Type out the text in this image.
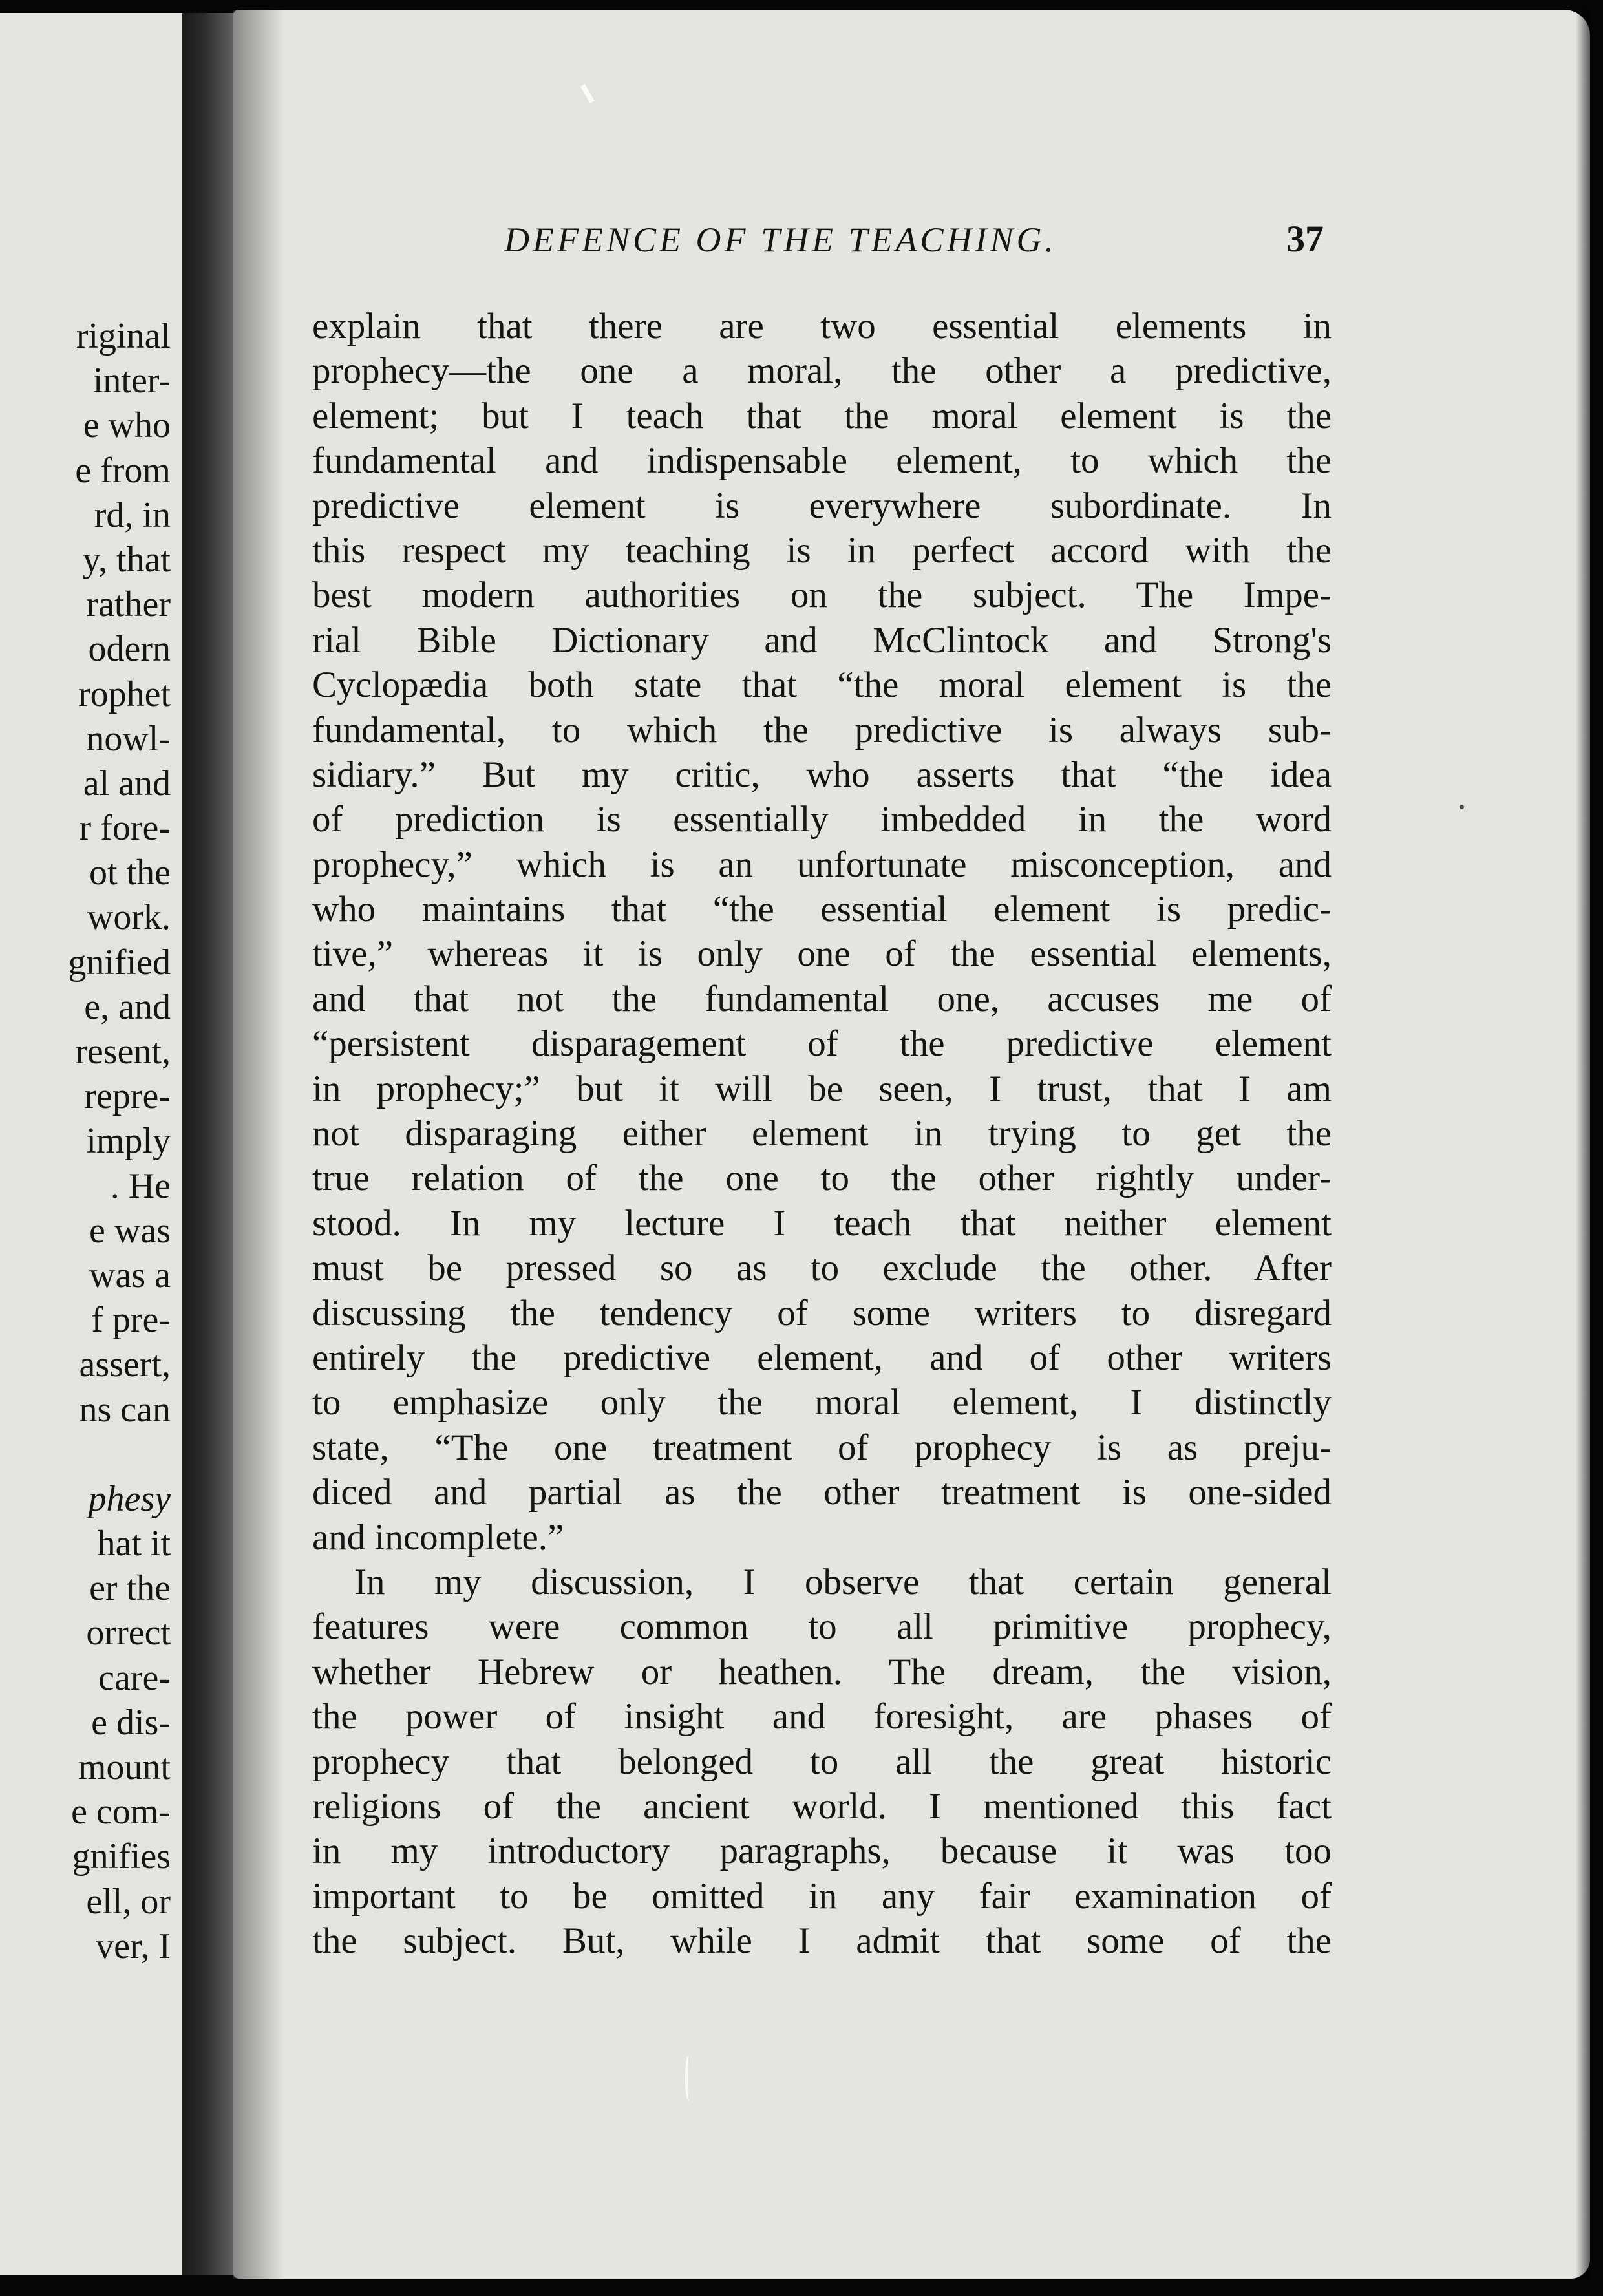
riginal
inter-
e who
e from
rd, in
y, that
rather
odern
rophet
nowl-
al and
r fore-
ot the
work.
gnified
e, and
resent,
repre-
imply
. He
e was
was a
f pre-
assert,
ns can
phesy
hat it
er the
orrect
care-
e dis-
mount
e com-
gnifies
ell, or
ver, I
DEFENCE OF THE TEACHING.	37
explain that there are two essential elements in
prophecy—the one a moral, the other a predictive,
element; but I teach that the moral element is the
fundamental and indispensable element, to which the
predictive element is everywhere subordinate. In
this respect my teaching is in perfect accord with the
best modern authorities on the subject. The Impe-
rial Bible Dictionary and McClintock and Strong's
Cyclopædia both state that “the moral element is the
fundamental, to which the predictive is always sub-
sidiary.” But my critic, who asserts that “the idea
of prediction is essentially imbedded in the word
prophecy,” which is an unfortunate misconception, and
who maintains that “the essential element is predic-
tive,” whereas it is only one of the essential elements,
and that not the fundamental one, accuses me of
“persistent disparagement of the predictive element
in prophecy;” but it will be seen, I trust, that I am
not disparaging either element in trying to get the
true relation of the one to the other rightly under-
stood. In my lecture I teach that neither element
must be pressed so as to exclude the other. After
discussing the tendency of some writers to disregard
entirely the predictive element, and of other writers
to emphasize only the moral element, I distinctly
state, “The one treatment of prophecy is as preju-
diced and partial as the other treatment is one-sided
and incomplete.”
In my discussion, I observe that certain general
features were common to all primitive prophecy,
whether Hebrew or heathen. The dream, the vision,
the power of insight and foresight, are phases of
prophecy that belonged to all the great historic
religions of the ancient world. I mentioned this fact
in my introductory paragraphs, because it was too
important to be omitted in any fair examination of
the subject. But, while I admit that some of the
